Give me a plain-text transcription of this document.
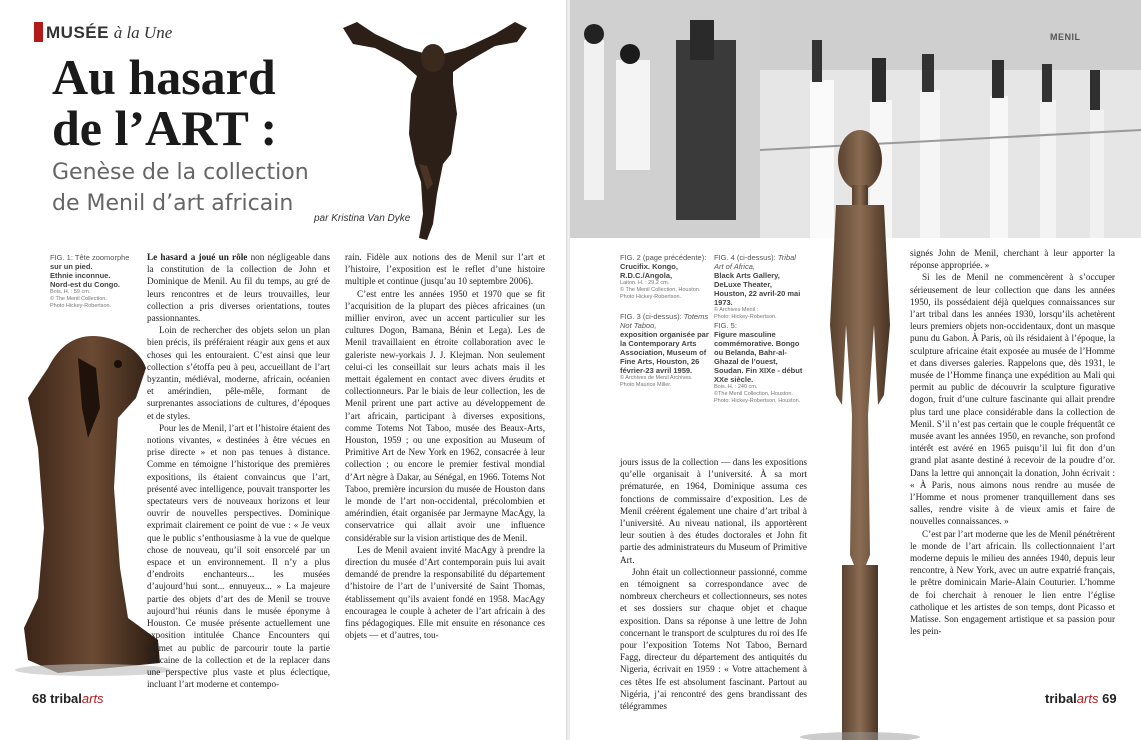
MUSÉE à la Une
Au hasard
de l’ART :
Genèse de la collection
de Menil d’art africain
par Kristina Van Dyke
FIG. 1: Tête zoomorphe
sur un pied.
Ethnie inconnue.
Nord-est du Congo.
Bois. H. : 59 cm.
© The Menil Collection.
Photo Hickey-Robertson.

Le hasard a joué un rôle non négligeable dans la constitution de la collection de John et Dominique de Menil. Au fil du temps, au gré de leurs rencontres et de leurs trouvailles, leur collection a pris diverses orientations, toutes passionnantes.

Loin de rechercher des objets selon un plan bien précis, ils préféraient réagir aux gens et aux choses qui les entouraient. C’est ainsi que leur collection s’étoffa peu à peu, accueillant de l’art byzantin, médiéval, moderne, africain, océanien et amérindien, pêle-mêle, formant de surprenantes associations de cultures, d’époques et de styles.

Pour les de Menil, l’art et l’histoire étaient des notions vivantes, « destinées à être vécues en prise directe » et non pas tenues à distance. Comme en témoigne l’historique des premières expositions, ils étaient convaincus que l’art, présenté avec intelligence, pouvait transporter les spectateurs vers de nouveaux horizons et leur ouvrir de nouvelles perspectives. Dominique exprimait clairement ce point de vue : « Je veux que le public s’enthousiasme à la vue de quelque chose de nouveau, qu’il soit ensorcelé par un espace et un environnement. Il n’y a plus d’endroits enchanteurs... les musées d’aujourd’hui sont... ennuyeux... » La majeure partie des objets d’art des de Menil se trouve aujourd’hui réunis dans le musée éponyme à Houston. Ce musée présente actuellement une exposition intitulée Chance Encounters qui permet au public de parcourir toute la partie africaine de la collection et de la replacer dans une perspective plus vaste et plus éclectique, incluant l’art moderne et contempo-

rain. Fidèle aux notions des de Menil sur l’art et l’histoire, l’exposition est le reflet d’une histoire multiple et continue (jusqu’au 10 septembre 2006).

C’est entre les années 1950 et 1970 que se fit l’acquisition de la plupart des pièces africaines (un millier environ, avec un accent particulier sur les cultures Dogon, Bamana, Bénin et Lega). Les de Menil travaillaient en étroite collaboration avec le galeriste new-yorkais J. J. Klejman. Non seulement celui-ci les conseillait sur leurs achats mais il les mettait également en contact avec divers érudits et collectionneurs. Par le biais de leur collection, les de Menil prirent une part active au développement de l’art africain, participant à diverses expositions, comme Totems Not Taboo, musée des Beaux-Arts, Houston, 1959 ; ou une exposition au Museum of Primitive Art de New York en 1962, consacrée à leur collection ; ou encore le premier festival mondial d’Art nègre à Dakar, au Sénégal, en 1966. Totems Not Taboo, première incursion du musée de Houston dans le monde de l’art non-occidental, précolombien et amérindien, était organisée par Jermayne MacAgy, la conservatrice qui allait avoir une influence considérable sur la vision artistique des de Menil.

Les de Menil avaient invité MacAgy à prendre la direction du musée d’Art contemporain puis lui avait demandé de prendre la responsabilité du département d’histoire de l’art de l’université de Saint Thomas, établissement qu’ils avaient fondé en 1958. MacAgy encouragea le couple à acheter de l’art africain à des fins pédagogiques. Elle mit ensuite en résonance ces objets — et d’autres, tou-

68 tribalarts
MENIL
FIG. 2 (page précédente):
Crucifix. Kongo, R.D.C./Angola,
Laiton. H. : 29,2 cm.
© The Menil Collection, Houston.
Photo Hickey-Robertson.
FIG. 3 (ci-dessus): Totems Not Taboo,
exposition organisée par la Contemporary Arts Association, Museum of Fine Arts, Houston, 26 février-23 avril 1959.
© Archives de Menil Archives.
Photo Maurice Miller.
FIG. 4 (ci-dessus): Tribal Art of Africa,
Black Arts Gallery, DeLuxe Theater, Houston, 22 avril-20 mai 1973.
© Archives Menil :
Photo: Hickey-Robertson.
FIG. 5:
Figure masculine commémorative. Bongo ou Belanda, Bahr-al-Ghazal de l’ouest, Soudan. Fin XIXe - début XXe siècle.
Bois. H. : 240 cm.
©The Menil Collection, Houston.
Photo: Hickey-Robertson, Houston.

jours issus de la collection — dans les expositions qu’elle organisait à l’université. À sa mort prématurée, en 1964, Dominique assuma ces fonctions de commissaire d’exposition. Les de Menil créèrent également une chaire d’art tribal à l’université. Au niveau national, ils apportèrent leur soutien à des études doctorales et John fit partie des administrateurs du Museum of Primitive Art.

John était un collectionneur passionné, comme en témoignent sa correspondance avec de nombreux chercheurs et collectionneurs, ses notes et ses dossiers sur chaque objet et chaque exposition. Dans sa réponse à une lettre de John concernant le transport de sculptures du roi des Ife pour l’exposition Totems Not Taboo, Bernard Fagg, directeur du département des antiquités du Nigeria, écrivait en 1959 : « Votre attachement à ces têtes Ife est absolument fascinant. Partout au Nigéria, j’ai rencontré des gens brandissant des télégrammes

signés John de Menil, cherchant à leur apporter la réponse appropriée. »

Si les de Menil ne commencèrent à s’occuper sérieusement de leur collection que dans les années 1950, ils possédaient déjà quelques connaissances sur l’art tribal dans les années 1930, lorsqu’ils achetèrent leurs premiers objets non-occidentaux, dont un masque punu du Gabon. À Paris, où ils résidaient à l’époque, la sculpture africaine était exposée au musée de l’Homme et dans diverses galeries. Rappelons que, dès 1931, le musée de l’Homme finança une expédition au Mali qui permit au public de découvrir la sculpture figurative dogon, fruit d’une culture fascinante qui allait prendre plus tard une place considérable dans la collection de Menil. S’il n’est pas certain que le couple fréquentât ce musée avant les années 1950, en revanche, son profond intérêt est avéré en 1965 puisqu’il lui fit don d’un grand plat asante destiné à recevoir de la poudre d’or. Dans la lettre qui annonçait la donation, John écrivait : « À Paris, nous aimons nous rendre au musée de l’Homme et nous promener tranquillement dans ses salles, rendre visite à de vieux amis et faire de nouvelles connaissances. »

C’est par l’art moderne que les de Menil pénétrèrent le monde de l’art africain. Ils collectionnaient l’art moderne depuis le milieu des années 1940, depuis leur rencontre, à New York, avec un autre expatrié français, le prêtre dominicain Marie-Alain Couturier. L’homme de foi cherchait à renouer le lien entre l’église catholique et les artistes de son temps, dont Picasso et Matisse. Son engagement artistique et sa passion pour les pein-

tribalarts 69
